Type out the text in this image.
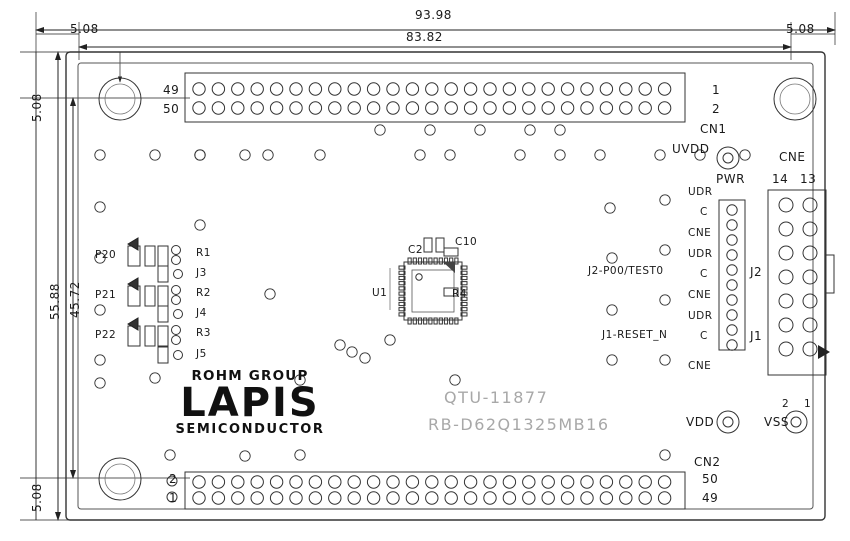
93.98
83.82
5.08	5.08
55.88 45.72
5.08
5.08
49
50
1
2
CN1
CN2
2
1
50
49
CNE
14 13
UVDD
PWR
VDD	VSS
2 1
UDR
C
CNE
UDR
C
J2-P00/TEST0	J2
CNE
UDR
C
CNE
J1-RESET_N	J1
P20
P21
P22
R1
J3
R2
J4
R3
J5
C2
C10
U1	R4
ROHM GROUP
LAPIS
SEMICONDUCTOR
QTU-11877
RB-D62Q1325MB16
